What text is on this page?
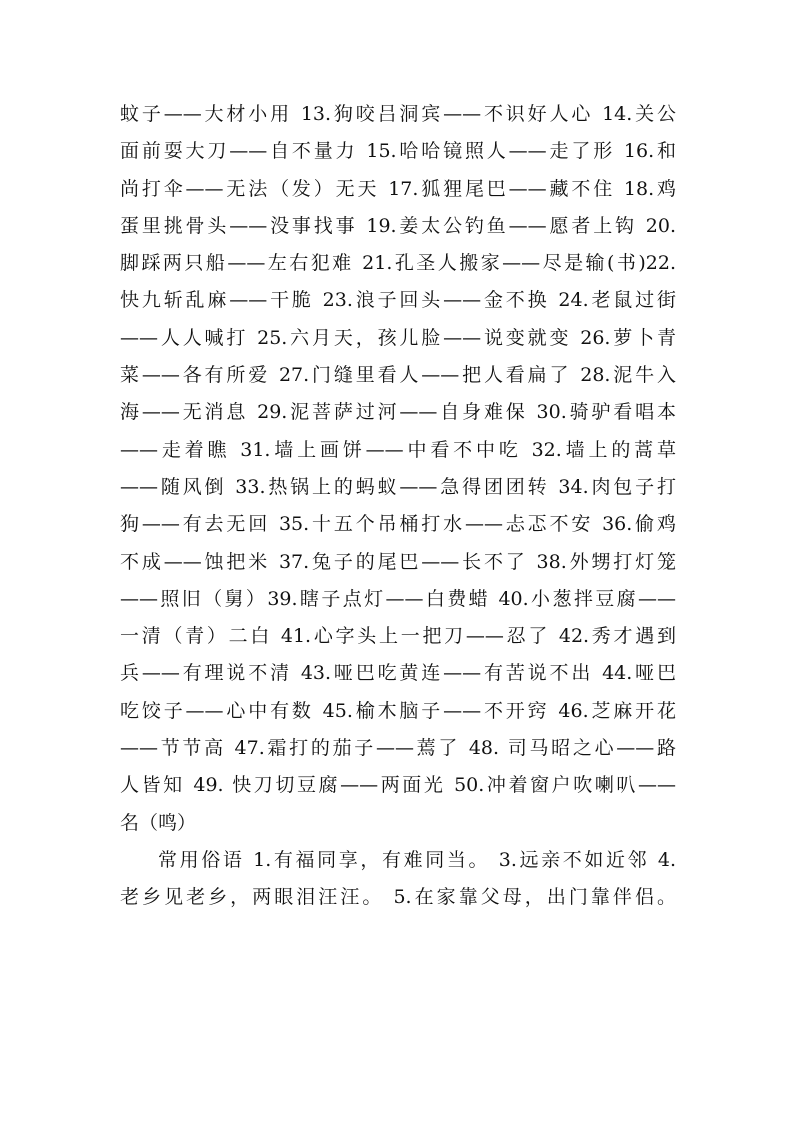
蚊子——大材小用 13.狗咬吕洞宾——不识好人心 14.关公
面前耍大刀——自不量力 15.哈哈镜照人——走了形 16.和
尚打伞——无法（发）无天 17.狐狸尾巴——藏不住 18.鸡
蛋里挑骨头——没事找事 19.姜太公钓鱼——愿者上钩 20.
脚踩两只船——左右犯难 21.孔圣人搬家——尽是输(书)22.
快九斩乱麻——干脆 23.浪子回头——金不换 24.老鼠过街
——人人喊打 25.六月天，孩儿脸——说变就变 26.萝卜青
菜——各有所爱 27.门缝里看人——把人看扁了 28.泥牛入
海——无消息 29.泥菩萨过河——自身难保 30.骑驴看唱本
——走着瞧 31.墙上画饼——中看不中吃 32.墙上的蒿草
——随风倒 33.热锅上的蚂蚁——急得团团转 34.肉包子打
狗——有去无回 35.十五个吊桶打水——忐忑不安 36.偷鸡
不成——蚀把米 37.兔子的尾巴——长不了 38.外甥打灯笼
——照旧（舅）39.瞎子点灯——白费蜡 40.小葱拌豆腐——
一清（青）二白 41.心字头上一把刀——忍了 42.秀才遇到
兵——有理说不清 43.哑巴吃黄连——有苦说不出 44.哑巴
吃饺子——心中有数 45.榆木脑子——不开窍 46.芝麻开花
——节节高 47.霜打的茄子——蔫了 48. 司马昭之心——路
人皆知 49. 快刀切豆腐——两面光 50.冲着窗户吹喇叭——
名（鸣）
常用俗语 1.有福同享，有难同当。 3.远亲不如近邻 4.
老乡见老乡，两眼泪汪汪。 5.在家靠父母，出门靠伴侣。
